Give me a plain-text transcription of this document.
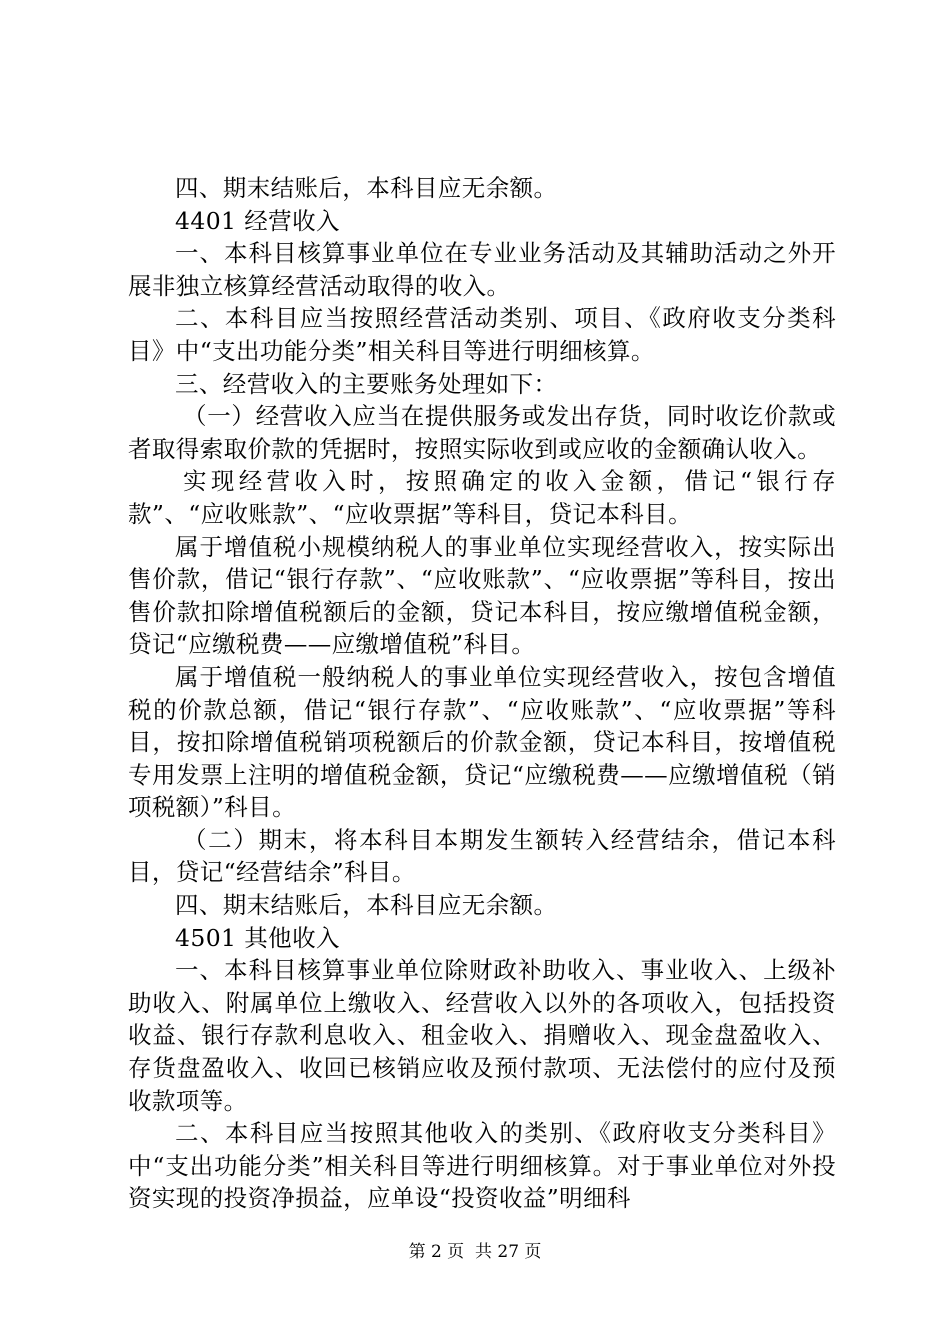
四、期末结账后，本科目应无余额。

4401 经营收入

一、本科目核算事业单位在专业业务活动及其辅助活动之外开展非独立核算经营活动取得的收入。

二、本科目应当按照经营活动类别、项目、《政府收支分类科目》中“支出功能分类”相关科目等进行明细核算。

三、经营收入的主要账务处理如下：

（一）经营收入应当在提供服务或发出存货，同时收讫价款或者取得索取价款的凭据时，按照实际收到或应收的金额确认收入。

实现经营收入时，按照确定的收入金额，借记“银行存款”、“应收账款”、“应收票据”等科目，贷记本科目。

属于增值税小规模纳税人的事业单位实现经营收入，按实际出售价款，借记“银行存款”、“应收账款”、“应收票据”等科目，按出售价款扣除增值税额后的金额，贷记本科目，按应缴增值税金额，贷记“应缴税费——应缴增值税”科目。

属于增值税一般纳税人的事业单位实现经营收入，按包含增值税的价款总额，借记“银行存款”、“应收账款”、“应收票据”等科目，按扣除增值税销项税额后的价款金额，贷记本科目，按增值税专用发票上注明的增值税金额，贷记“应缴税费——应缴增值税（销项税额）”科目。

（二）期末，将本科目本期发生额转入经营结余，借记本科目，贷记“经营结余”科目。

四、期末结账后，本科目应无余额。

4501 其他收入

一、本科目核算事业单位除财政补助收入、事业收入、上级补助收入、附属单位上缴收入、经营收入以外的各项收入，包括投资收益、银行存款利息收入、租金收入、捐赠收入、现金盘盈收入、存货盘盈收入、收回已核销应收及预付款项、无法偿付的应付及预收款项等。

二、本科目应当按照其他收入的类别、《政府收支分类科目》中“支出功能分类”相关科目等进行明细核算。对于事业单位对外投资实现的投资净损益，应单设“投资收益”明细科

第 2 页  共 27 页
